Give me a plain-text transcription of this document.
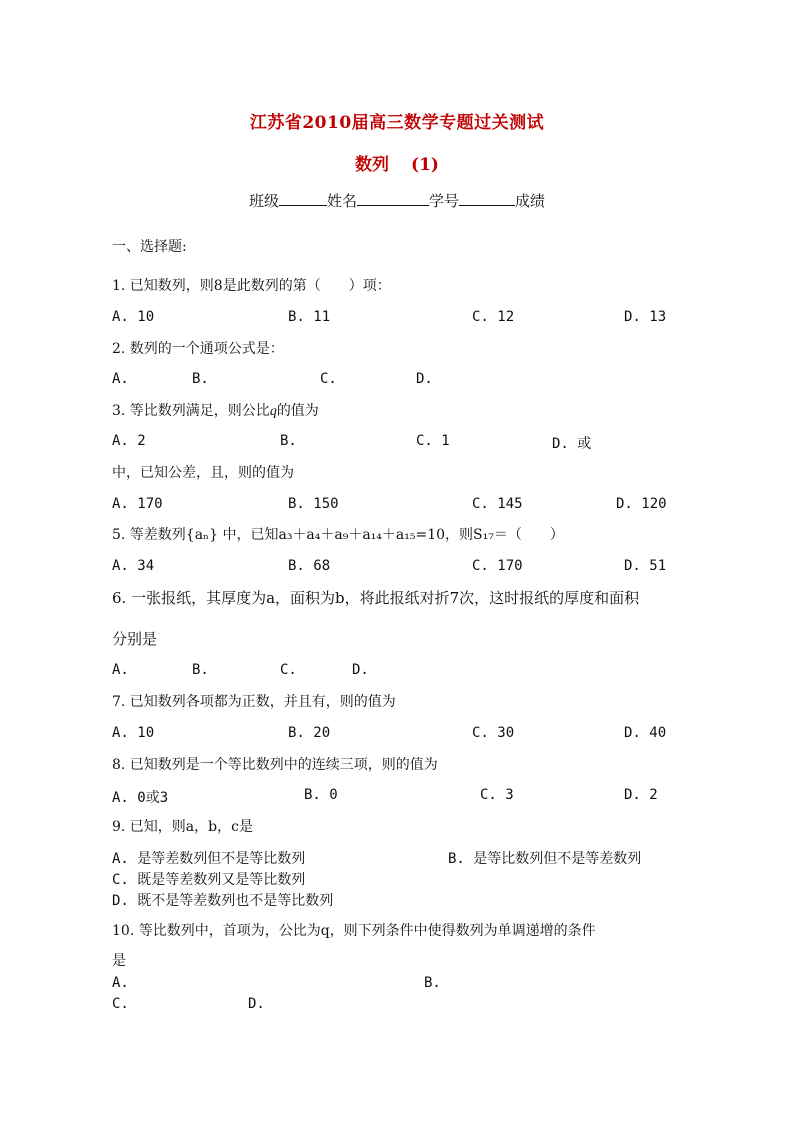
江苏省2010届高三数学专题过关测试
数列 (1)
班级	姓名	学号	成绩
一、选择题:
1. 已知数列，则8是此数列的第（　　）项：
A. 10	B. 11	C. 12	D. 13
2. 数列的一个通项公式是：
A.	B.	C.	D.
3. 等比数列满足，则公比q的值为
A. 2	B.	C. 1	D. 或
中，已知公差，且，则的值为
A. 170	B. 150	C. 145	D. 120
5. 等差数列{aₙ} 中，已知a₃＋a₄＋a₉＋a₁₄＋a₁₅=10，则S₁₇＝（　　）
A. 34	B. 68	C. 170	D. 51
6. 一张报纸，其厚度为a，面积为b，将此报纸对折7次，这时报纸的厚度和面积
分别是
A.	B.	C.	D.
7. 已知数列各项都为正数，并且有，则的值为
A. 10	B. 20	C. 30	D. 40
8. 已知数列是一个等比数列中的连续三项，则的值为
A. 0或3	B. 0	C. 3	D. 2
9. 已知，则a，b，c是
A. 是等差数列但不是等比数列	B. 是等比数列但不是等差数列
C. 既是等差数列又是等比数列
D. 既不是等差数列也不是等比数列
10. 等比数列中，首项为，公比为q，则下列条件中使得数列为单调递增的条件
是
A.	B.
C.	D.
